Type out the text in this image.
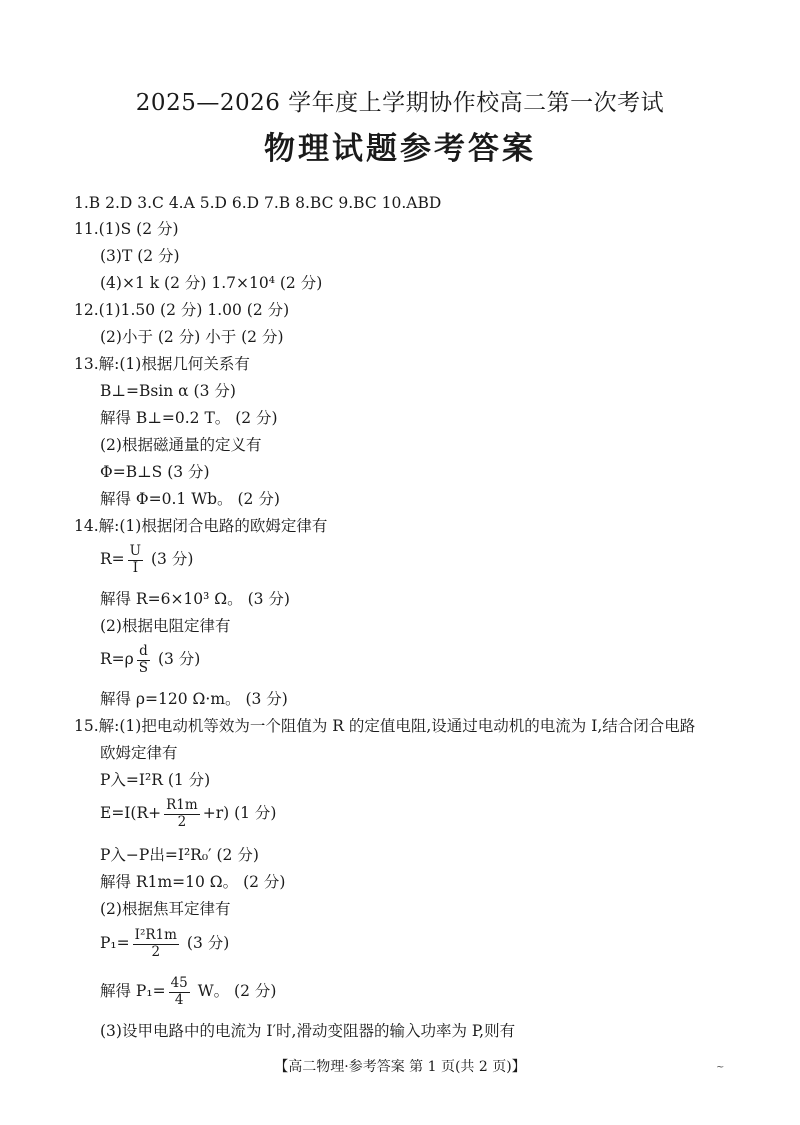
2025—2026 学年度上学期协作校高二第一次考试
物理试题参考答案
1.B 2.D 3.C 4.A 5.D 6.D 7.B 8.BC 9.BC 10.ABD
11.(1)S (2 分)
(3)T (2 分)
(4)×1 k (2 分) 1.7×10⁴ (2 分)
12.(1)1.50 (2 分) 1.00 (2 分)
(2)小于 (2 分) 小于 (2 分)
13.解:(1)根据几何关系有
B⊥=Bsin α (3 分)
解得 B⊥=0.2 T。 (2 分)
(2)根据磁通量的定义有
Φ=B⊥S (3 分)
解得 Φ=0.1 Wb。 (2 分)
14.解:(1)根据闭合电路的欧姆定律有
$R= \frac{U}{I} (3$ 分)
解得 R=6×10³ Ω。 (3 分)
(2)根据电阻定律有
$R=\rho \frac{d}{S} (3$ 分)
解得 ρ=120 Ω·m。 (3 分)
15.解:(1)把电动机等效为一个阻值为 R 的定值电阻,设通过电动机的电流为 I,结合闭合电路
欧姆定律有
P入=I²R (1 分)
$E=I(R+ \frac{R1m}{2} +r)$ (1 分)
P入−P出=I²R₀′ (2 分)
解得 R1m=10 Ω。 (2 分)
(2)根据焦耳定律有
$P_1= \frac{\text{I²R1m}}{2} (3$ 分)
解得 $P_1= \frac{45}{4}$ W。 (2 分)
(3)设甲电路中的电流为 I′时,滑动变阻器的输入功率为 P,则有
【高二物理·参考答案 第 1 页(共 2 页)】	~
